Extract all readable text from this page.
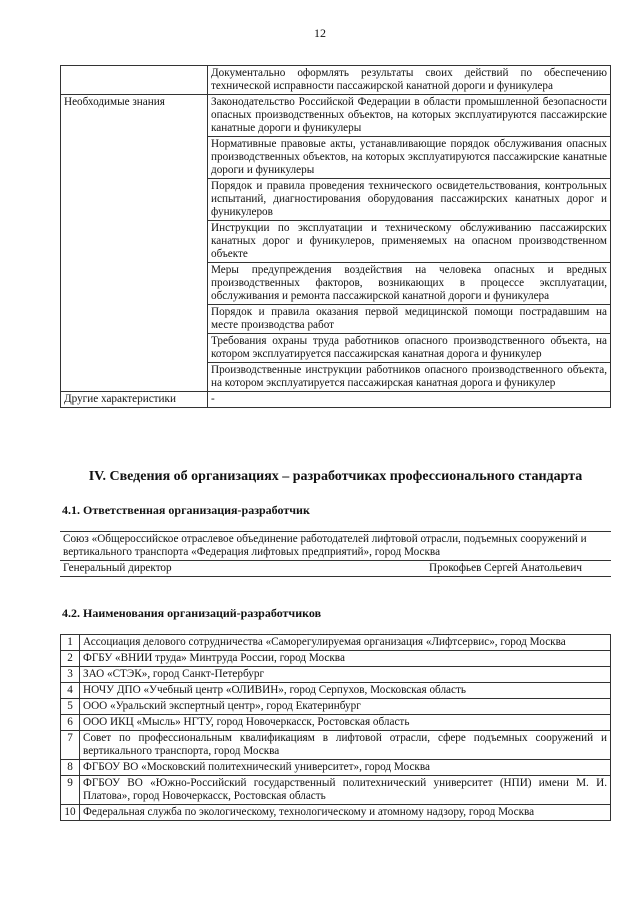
12
	Документально оформлять результаты своих действий по обеспечению технической исправности пассажирской канатной дороги и фуникулера
Необходимые знания	Законодательство Российской Федерации в области промышленной безопасности опасных производственных объектов, на которых эксплуатируются пассажирские канатные дороги и фуникулеры
	Нормативные правовые акты, устанавливающие порядок обслуживания опасных производственных объектов, на которых эксплуатируются пассажирские канатные дороги и фуникулеры
	Порядок и правила проведения технического освидетельствования, контрольных испытаний, диагностирования оборудования пассажирских канатных дорог и фуникулеров
	Инструкции по эксплуатации и техническому обслуживанию пассажирских канатных дорог и фуникулеров, применяемых на опасном производственном объекте
	Меры предупреждения воздействия на человека опасных и вредных производственных факторов, возникающих в процессе эксплуатации, обслуживания и ремонта пассажирской канатной дороги и фуникулера
	Порядок и правила оказания первой медицинской помощи пострадавшим на месте производства работ
	Требования охраны труда работников опасного производственного объекта, на котором эксплуатируется пассажирская канатная дорога и фуникулер
	Производственные инструкции работников опасного производственного объекта, на котором эксплуатируется пассажирская канатная дорога и фуникулер
Другие характеристики	-
IV. Сведения об организациях – разработчиках профессионального стандарта
4.1. Ответственная организация-разработчик
Союз «Общероссийское отраслевое объединение работодателей лифтовой отрасли, подъемных сооружений и вертикального транспорта «Федерация лифтовых предприятий», город Москва

Генеральный директор	Прокофьев Сергей Анатольевич
4.2. Наименования организаций-разработчиков
1	Ассоциация делового сотрудничества «Саморегулируемая организация «Лифтсервис», город Москва
2	ФГБУ «ВНИИ труда» Минтруда России, город Москва
3	ЗАО «СТЭК», город Санкт-Петербург
4	НОЧУ ДПО «Учебный центр «ОЛИВИН», город Серпухов, Московская область
5	ООО «Уральский экспертный центр», город Екатеринбург
6	ООО ИКЦ «Мысль» НГТУ, город Новочеркасск, Ростовская область
7	Совет по профессиональным квалификациям в лифтовой отрасли, сфере подъемных сооружений и вертикального транспорта, город Москва
8	ФГБОУ ВО «Московский политехнический университет», город Москва
9	ФГБОУ ВО «Южно-Российский государственный политехнический университет (НПИ) имени М. И. Платова», город Новочеркасск, Ростовская область
10	Федеральная служба по экологическому, технологическому и атомному надзору, город Москва
